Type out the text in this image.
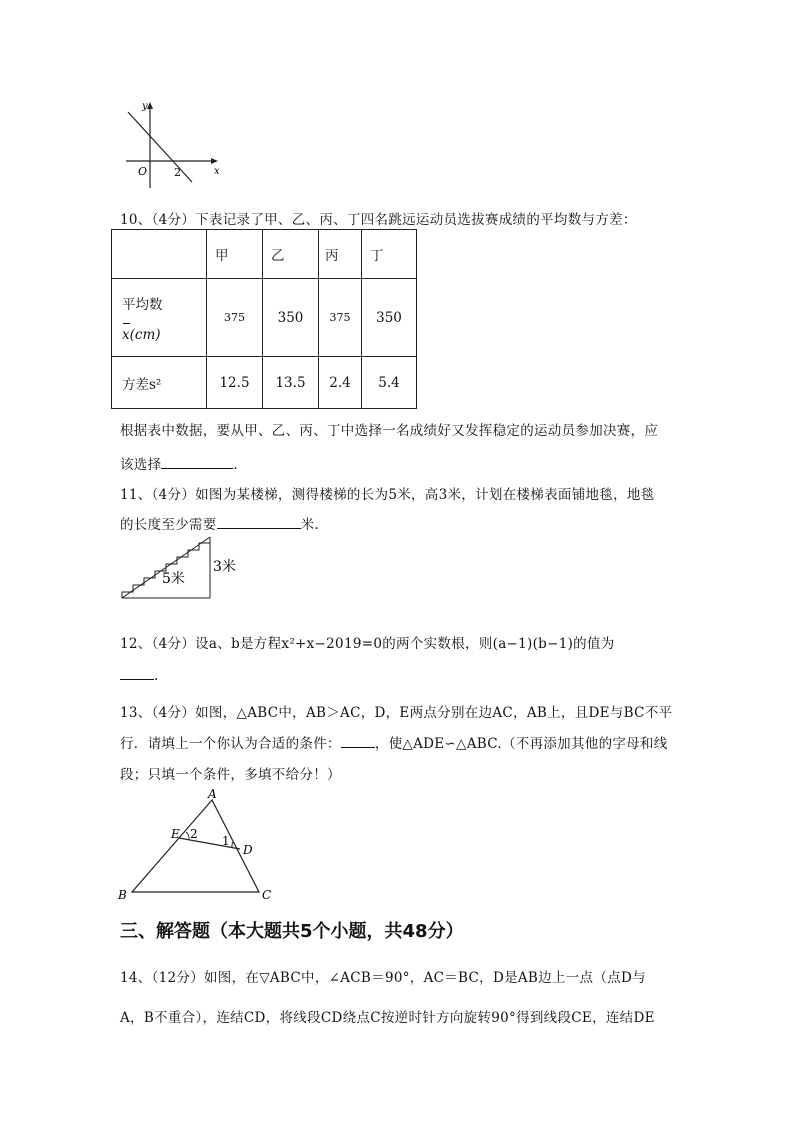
y
x
O 2
10、（4分）下表记录了甲、乙、丙、丁四名跳远运动员选拔赛成绩的平均数与方差：
	甲	乙	丙	丁

平均数
x(cm)	375	350	375	350
方差s²	12.5	13.5	2.4	5.4
根据表中数据，要从甲、乙、丙、丁中选择一名成绩好又发挥稳定的运动员参加决赛，应
该选择	.
11、（4分）如图为某楼梯，测得楼梯的长为5米，高3米，计划在楼梯表面铺地毯，地毯
的长度至少需要	米.
5米
3米
12、（4分）设a、b是方程x²+x−2019=0的两个实数根，则(a−1)(b−1)的值为
.
13、（4分）如图，△ABC中，AB＞AC，D，E两点分别在边AC，AB上，且DE与BC不平
行．请填上一个你认为合适的条件：	，使△ADE∽△ABC.（不再添加其他的字母和线
段；只填一个条件，多填不给分！）
A
B	C
D
E 2 1
三、解答题（本大题共5个小题，共48分）
14、（12分）如图，在▽ABC中，∠ACB＝90°，AC＝BC，D是AB边上一点（点D与
A，B不重合），连结CD，将线段CD绕点C按逆时针方向旋转90°得到线段CE，连结DE
